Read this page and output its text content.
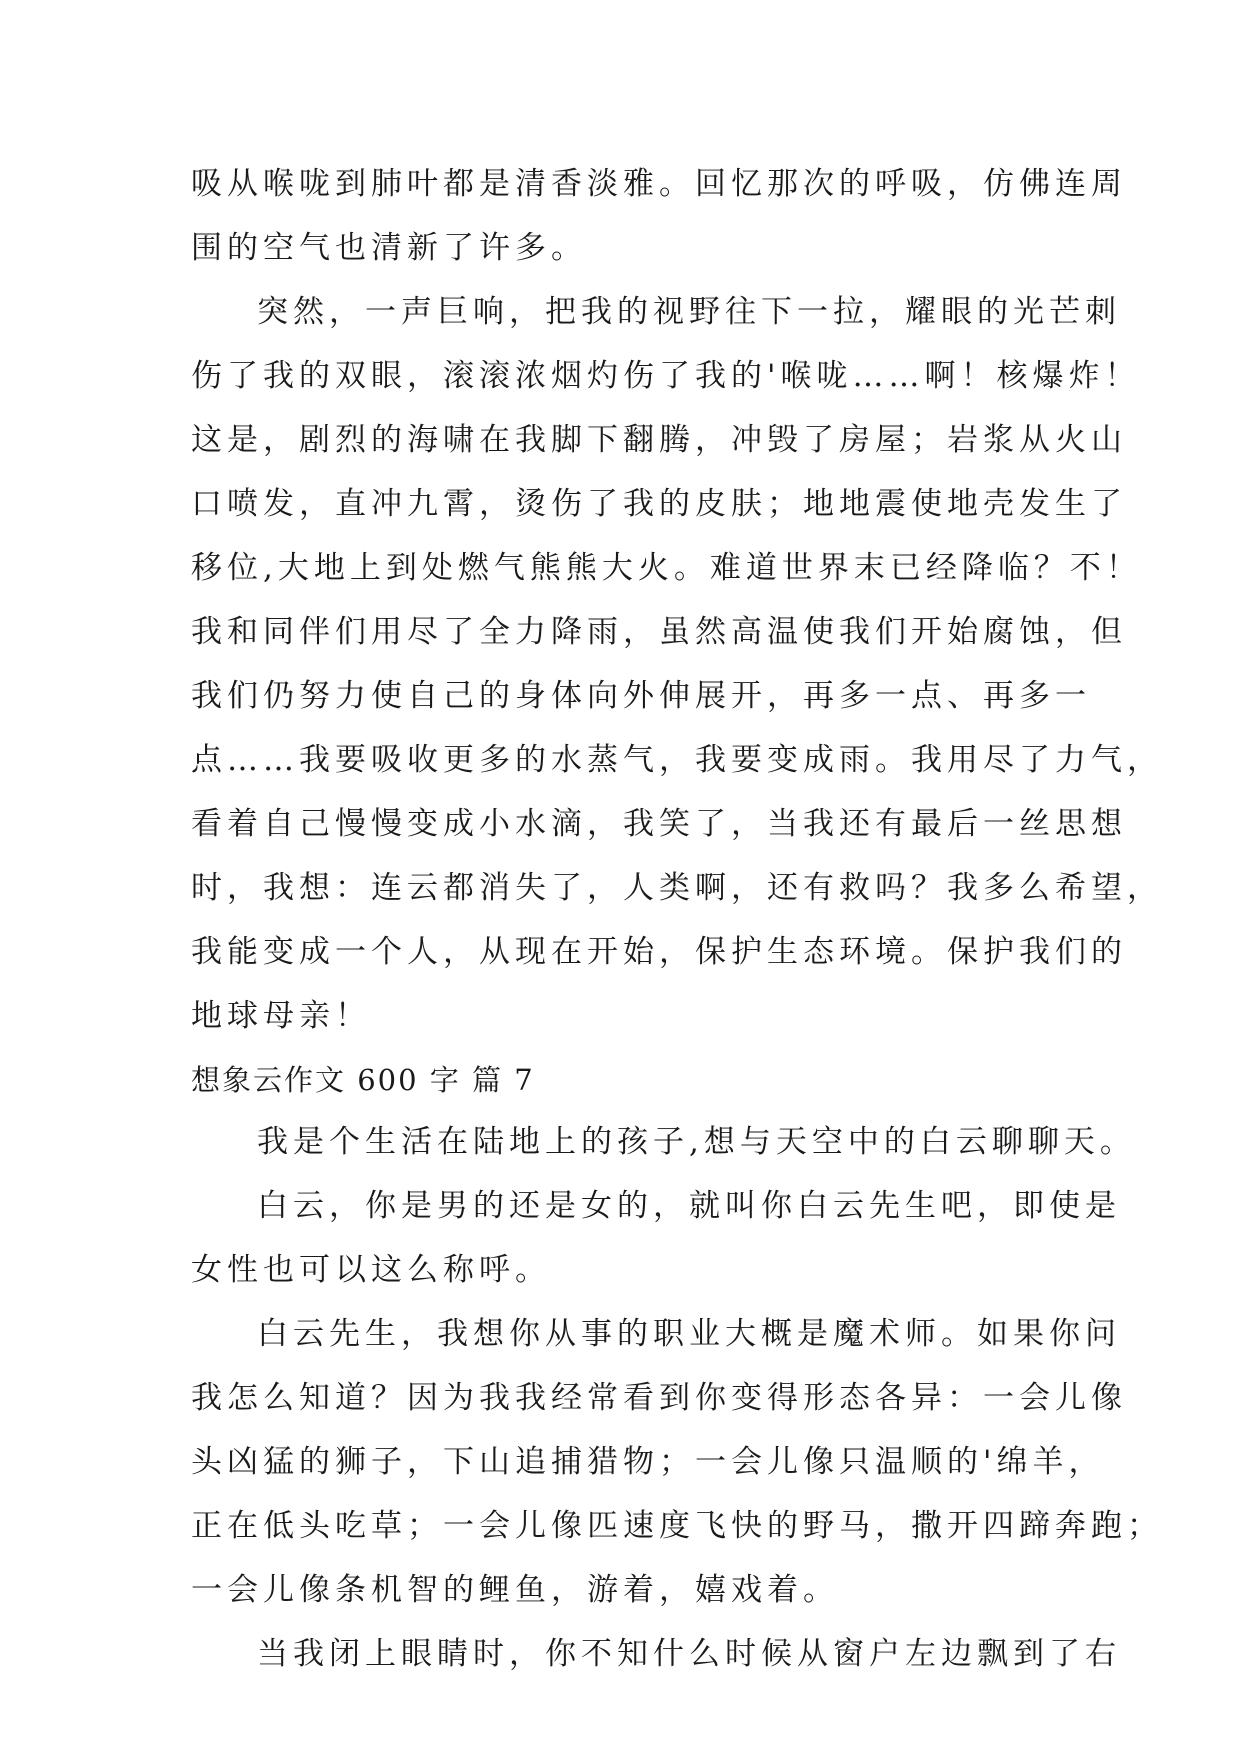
吸从喉咙到肺叶都是清香淡雅。回忆那次的呼吸，仿佛连周
围的空气也清新了许多。
突然，一声巨响，把我的视野往下一拉，耀眼的光芒刺
伤了我的双眼，滚滚浓烟灼伤了我的'喉咙……啊！核爆炸！
这是，剧烈的海啸在我脚下翻腾，冲毁了房屋；岩浆从火山
口喷发，直冲九霄，烫伤了我的皮肤；地地震使地壳发生了
移位,大地上到处燃气熊熊大火。难道世界末已经降临？不！
我和同伴们用尽了全力降雨，虽然高温使我们开始腐蚀，但
我们仍努力使自己的身体向外伸展开，再多一点、再多一
点……我要吸收更多的水蒸气，我要变成雨。我用尽了力气，
看着自己慢慢变成小水滴，我笑了，当我还有最后一丝思想
时，我想：连云都消失了，人类啊，还有救吗？我多么希望，
我能变成一个人，从现在开始，保护生态环境。保护我们的
地球母亲！
想象云作文 600 字 篇 7
我是个生活在陆地上的孩子,想与天空中的白云聊聊天。
白云，你是男的还是女的，就叫你白云先生吧，即使是
女性也可以这么称呼。
白云先生，我想你从事的职业大概是魔术师。如果你问
我怎么知道？因为我我经常看到你变得形态各异：一会儿像
头凶猛的狮子，下山追捕猎物；一会儿像只温顺的'绵羊，
正在低头吃草；一会儿像匹速度飞快的野马，撒开四蹄奔跑；
一会儿像条机智的鲤鱼，游着，嬉戏着。
当我闭上眼睛时，你不知什么时候从窗户左边飘到了右
